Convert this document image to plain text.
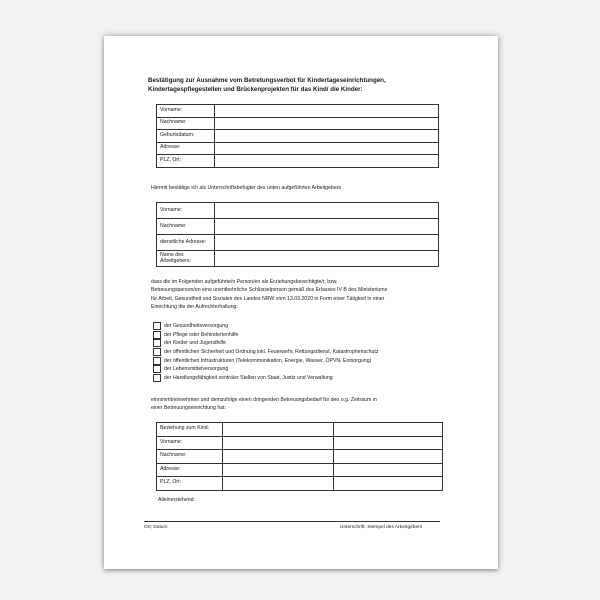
Bestätigung zur Ausnahme vom Betretungsverbot für Kindertageseinrichtungen,
Kindertagespflegestellen und Brückenprojekten für das Kind/ die Kinder:
Vorname:	
Nachname:	
Geburtsdatum:	
Adresse:	
PLZ, Ort:	
Hiermit bestätige ich als Unterschriftsbefugter des unten aufgeführten Arbeitgebers
Vorname:	
Nachname:	
dienstliche Adresse:	
Name des Arbeitgebers:	
dass die im Folgenden aufgeführte/n Person/en als Erziehungsberechtigte/r, bzw.
Betreuungsperson/en eine unentbehrliche Schlüsselperson gemäß des Erlasses IV B des Ministeriums
für Arbeit, Gesundheit und Soziales des Landes NRW vom 13.03.2020 in Form einer Tätigkeit in einer
Einrichtung die der Aufrechterhaltung:
der Gesundheitsversorgung
der Pflege oder Behindertenhilfe
der Kinder und Jugendhilfe
der öffentlichen Sicherheit und Ordnung inkl. Feuerwehr, Rettungsdienst, Katastrophenschutz
der öffentlichen Infrastrukturen (Telekommunikation, Energie, Wasser, ÖPVN, Entsorgung)
der Lebensmittelversorgung
der Handlungsfähigkeit zentraler Stellen von Staat, Justiz und Verwaltung
einnimmt/einnehmen und demzufolge einen dringenden Betreuungsbedarf für den o.g. Zeitraum in
einer Betreuungseinrichtung hat:
Beziehung zum Kind:		
Vorname:		
Nachname:		
Adresse:		
PLZ, Ort:		
Alleinerziehend:
Ort; Datum	Unterschrift, Stempel des Arbeitgebers
